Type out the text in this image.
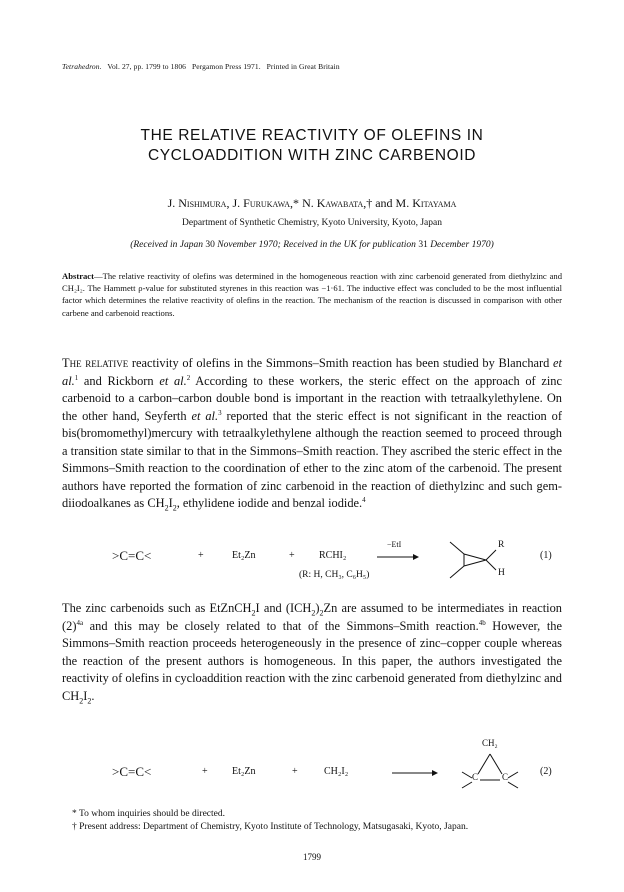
Tetrahedron. Vol. 27, pp. 1799 to 1806 Pergamon Press 1971. Printed in Great Britain
THE RELATIVE REACTIVITY OF OLEFINS IN
CYCLOADDITION WITH ZINC CARBENOID
J. Nishimura, J. Furukawa,* N. Kawabata,† and M. Kitayama
Department of Synthetic Chemistry, Kyoto University, Kyoto, Japan
(Received in Japan 30 November 1970; Received in the UK for publication 31 December 1970)
Abstract—The relative reactivity of olefins was determined in the homogeneous reaction with zinc carbenoid generated from diethylzinc and CH₂I₂. The Hammett ρ-value for substituted styrenes in this reaction was −1·61. The inductive effect was concluded to be the most influential factor which determines the relative reactivity of olefins in the reaction. The mechanism of the reaction is discussed in comparison with other carbene and carbenoid reactions.
The relative reactivity of olefins in the Simmons–Smith reaction has been studied by Blanchard et al.$^1$ and Rickborn et al.$^2$ According to these workers, the steric effect on the approach of zinc carbenoid to a carbon–carbon double bond is important in the reaction with tetraalkylethylene. On the other hand, Seyferth et al.$^3$ reported that the steric effect is not significant in the reaction of bis(bromomethyl)mercury with tetraalkylethylene although the reaction seemed to proceed through a transition state similar to that in the Simmons–Smith reaction. They ascribed the steric effect in the Simmons–Smith reaction to the coordination of ether to the zinc atom of the carbenoid. The present authors have reported the formation of zinc carbenoid in the reaction of diethylzinc and such gem-diiodoalkanes as $CH_2I_2$, ethylidene iodide and benzal iodide.$^4$
>C=C<	+	Et₂Zn	+ RCHI₂
−EtI
(R: H, CH₃, C₆H₅)
R
H
(1)
The zinc carbenoids such as EtZnCH$_2$I and $(ICH_2)_2Zn$ are assumed to be intermediates in reaction $(2)^{4a}$ and this may be closely related to that of the Simmons–Smith reaction.$^{4b}$ However, the Simmons–Smith reaction proceeds heterogeneously in the presence of zinc–copper couple whereas the reaction of the present authors is homogeneous. In this paper, the authors investigated the reactivity of olefins in cycloaddition reaction with the zinc carbenoid generated from diethylzinc and $CH_2I_2$.
>C=C<	+ Et₂Zn	+	CH₂I₂
CH₂
C	C	(2)
* To whom inquiries should be directed.
† Present address: Department of Chemistry, Kyoto Institute of Technology, Matsugasaki, Kyoto, Japan.
1799
